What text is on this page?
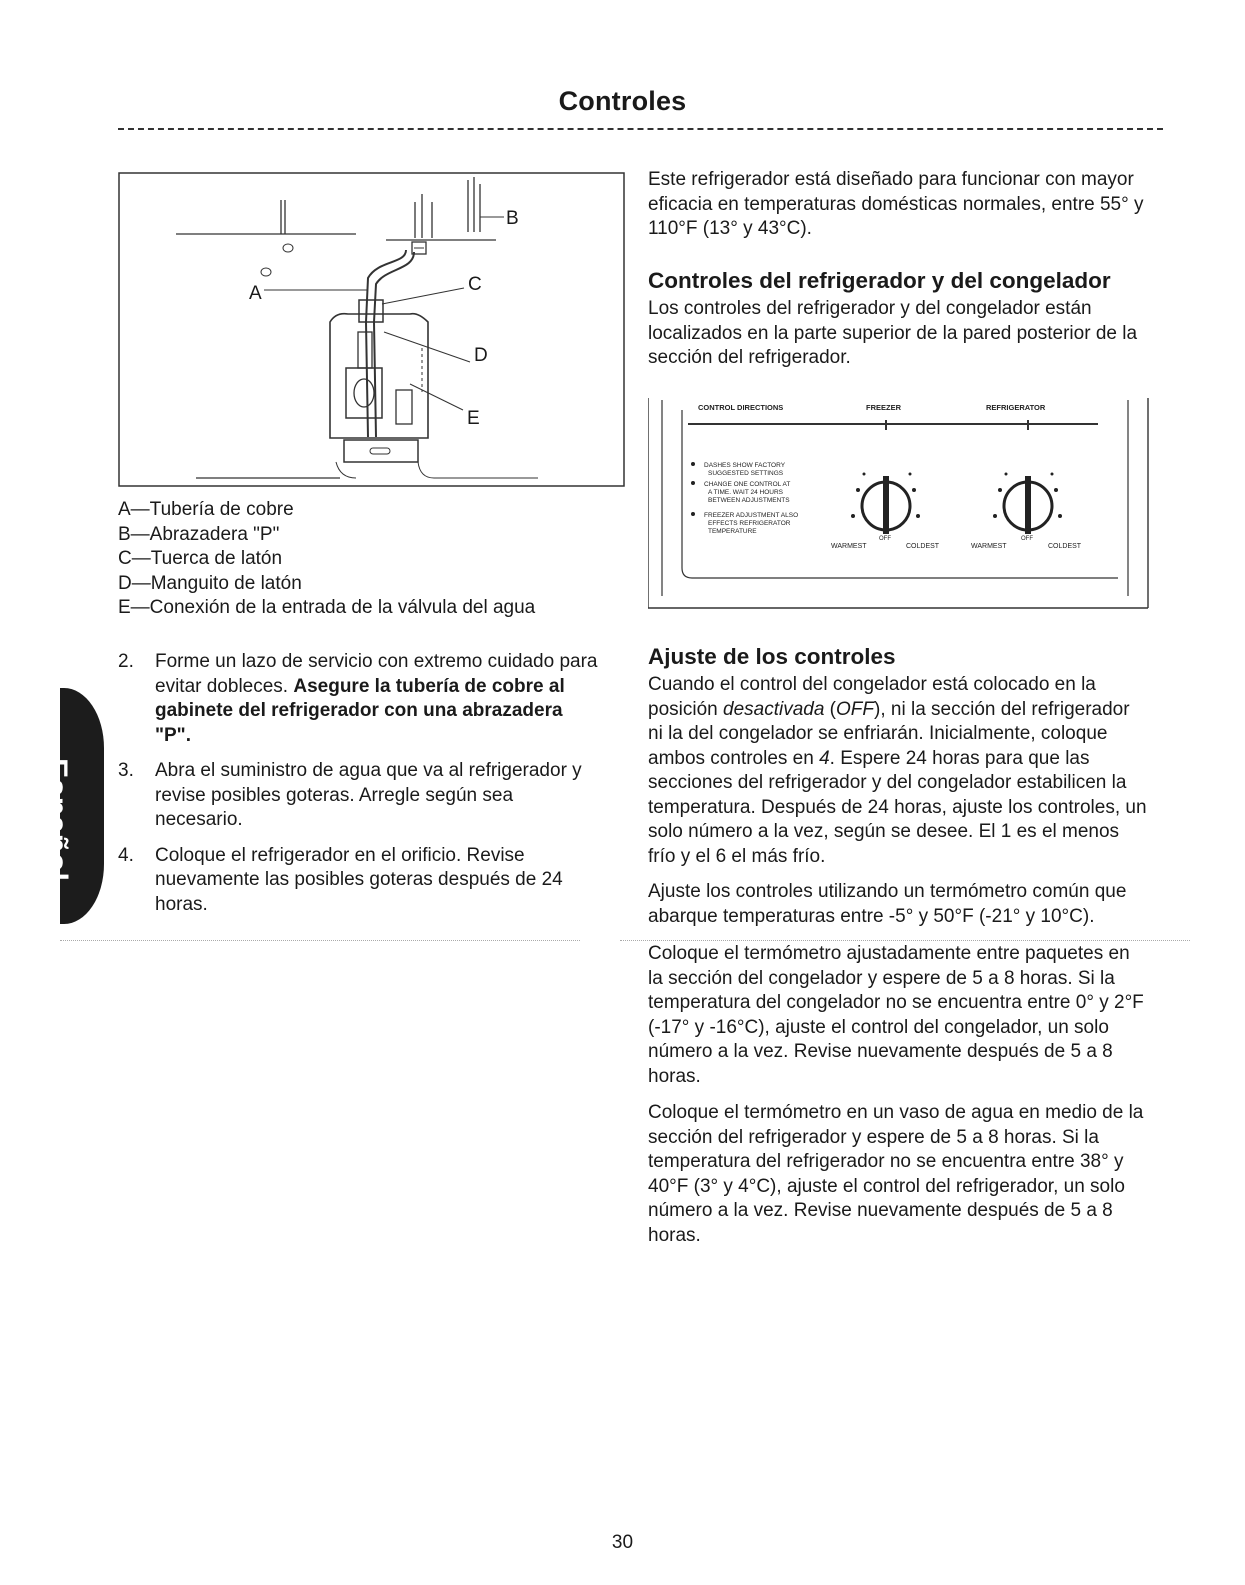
Controles
B
A	C
D
E
A—Tubería de cobre
B—Abrazadera "P"
C—Tuerca de latón
D—Manguito de latón
E—Conexión de la entrada de la válvula del agua
2. Forme un lazo de servicio con extremo cuidado para evitar dobleces. Asegure la tubería de cobre al gabinete del refrigerador con una abrazadera "P".
3. Abra el suministro de agua que va al refrigerador y revise posibles goteras. Arregle según sea necesario.
4. Coloque el refrigerador en el orificio. Revise nuevamente las posibles goteras después de 24 horas.
Español
Este refrigerador está diseñado para funcionar con mayor eficacia en temperaturas domésticas normales, entre 55° y 110°F (13° y 43°C).
Controles del refrigerador y del congelador
Los controles del refrigerador y del congelador están localizados en la parte superior de la pared posterior de la sección del refrigerador.
CONTROL DIRECTIONS	FREEZER	REFRIGERATOR
DASHES SHOW FACTORY
SUGGESTED SETTINGS
CHANGE ONE CONTROL AT
A TIME. WAIT 24 HOURS
BETWEEN ADJUSTMENTS
FREEZER ADJUSTMENT ALSO
EFFECTS REFRIGERATOR
TEMPERATURE
WARMEST
OFF
COLDEST	WARMEST
OFF
COLDEST
Ajuste de los controles

Cuando el control del congelador está colocado en la posición desactivada (OFF), ni la sección del refrigerador ni la del congelador se enfriarán. Inicialmente, coloque ambos controles en 4. Espere 24 horas para que las secciones del refrigerador y del congelador estabilicen la temperatura. Después de 24 horas, ajuste los controles, un solo número a la vez, según se desee. El 1 es el menos frío y el 6 el más frío.

Ajuste los controles utilizando un termómetro común que abarque temperaturas entre -5° y 50°F (-21° y 10°C).

Coloque el termómetro ajustadamente entre paquetes en la sección del congelador y espere de 5 a 8 horas. Si la temperatura del congelador no se encuentra entre 0° y 2°F (-17° y -16°C), ajuste el control del congelador, un solo número a la vez. Revise nuevamente después de 5 a 8 horas.

Coloque el termómetro en un vaso de agua en medio de la sección del refrigerador y espere de 5 a 8 horas. Si la temperatura del refrigerador no se encuentra entre 38° y 40°F (3° y 4°C), ajuste el control del refrigerador, un solo número a la vez. Revise nuevamente después de 5 a 8 horas.

30
